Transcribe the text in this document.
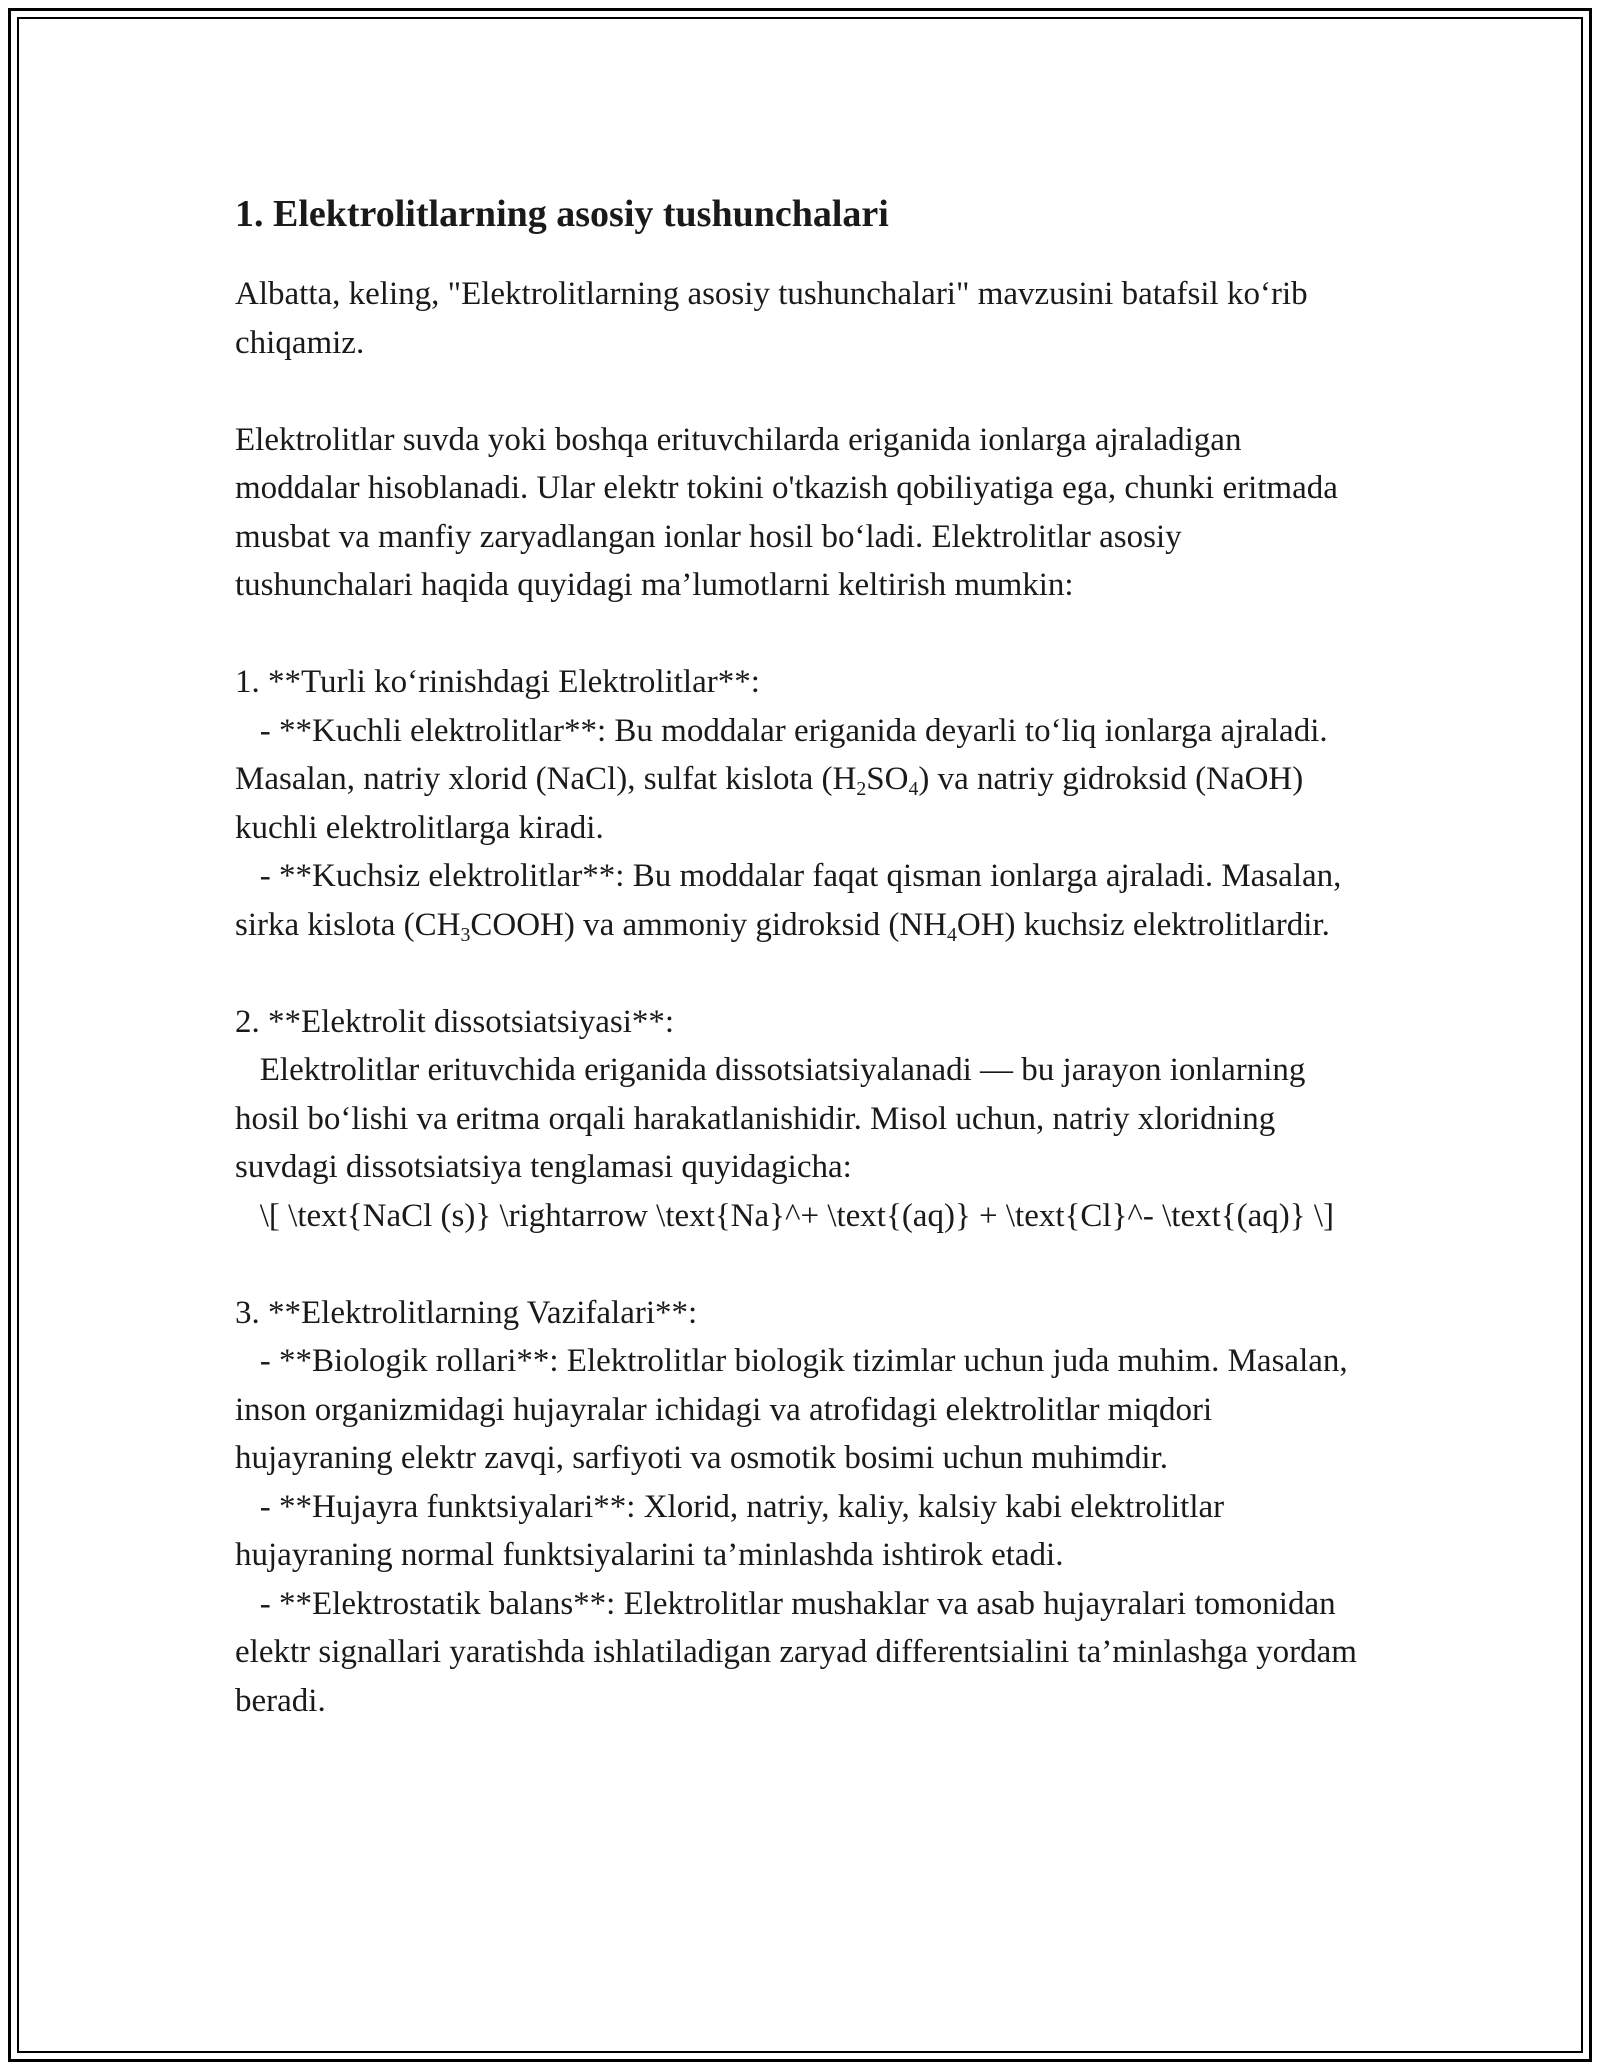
1. Elektrolitlarning asosiy tushunchalari

Albatta, keling, "Elektrolitlarning asosiy tushunchalari" mavzusini batafsil ko‘rib chiqamiz.

Elektrolitlar suvda yoki boshqa erituvchilarda eriganida ionlarga ajraladigan moddalar hisoblanadi. Ular elektr tokini o'tkazish qobiliyatiga ega, chunki eritmada musbat va manfiy zaryadlangan ionlar hosil bo‘ladi. Elektrolitlar asosiy tushunchalari haqida quyidagi ma’lumotlarni keltirish mumkin:

1. **Turli ko‘rinishdagi Elektrolitlar**:

- **Kuchli elektrolitlar**: Bu moddalar eriganida deyarli to‘liq ionlarga ajraladi. Masalan, natriy xlorid (NaCl), sulfat kislota $(H_2SO_4)$ va natriy gidroksid (NaOH) kuchli elektrolitlarga kiradi.

- **Kuchsiz elektrolitlar**: Bu moddalar faqat qisman ionlarga ajraladi. Masalan, sirka kislota $(CH_3COOH)$ va ammoniy gidroksid $(NH_4OH)$ kuchsiz elektrolitlardir.

2. **Elektrolit dissotsiatsiyasi**:

Elektrolitlar erituvchida eriganida dissotsiatsiyalanadi — bu jarayon ionlarning hosil bo‘lishi va eritma orqali harakatlanishidir. Misol uchun, natriy xloridning suvdagi dissotsiatsiya tenglamasi quyidagicha:

\[ \text{NaCl (s)} \rightarrow \text{Na}^+ \text{(aq)} + \text{Cl}^- \text{(aq)} \]

3. **Elektrolitlarning Vazifalari**:

- **Biologik rollari**: Elektrolitlar biologik tizimlar uchun juda muhim. Masalan, inson organizmidagi hujayralar ichidagi va atrofidagi elektrolitlar miqdori hujayraning elektr zavqi, sarfiyoti va osmotik bosimi uchun muhimdir.

- **Hujayra funktsiyalari**: Xlorid, natriy, kaliy, kalsiy kabi elektrolitlar hujayraning normal funktsiyalarini ta’minlashda ishtirok etadi.

- **Elektrostatik balans**: Elektrolitlar mushaklar va asab hujayralari tomonidan elektr signallari yaratishda ishlatiladigan zaryad differentsialini ta’minlashga yordam beradi.
